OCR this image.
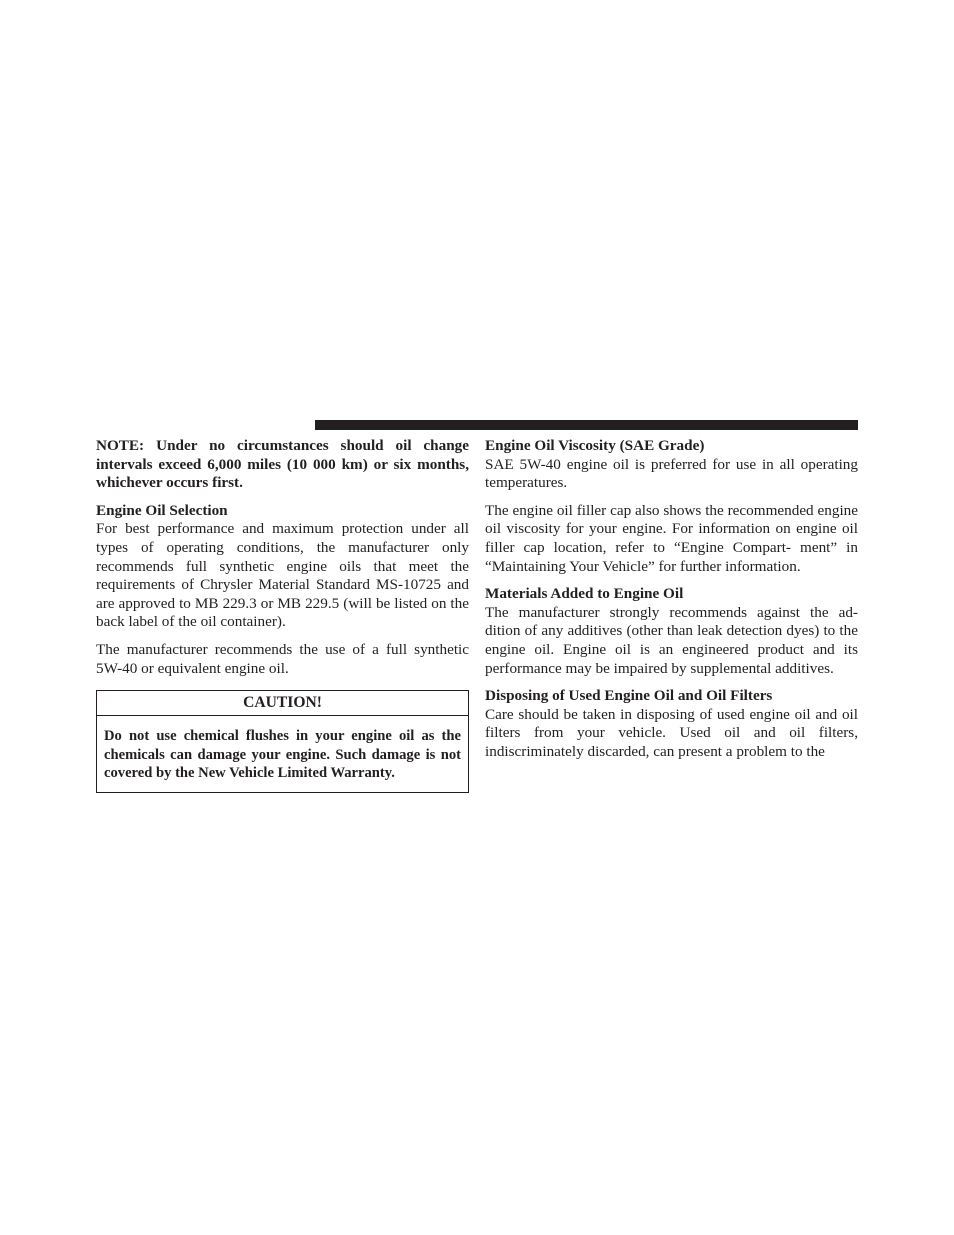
NOTE: Under no circumstances should oil change intervals exceed 6,000 miles (10 000 km) or six months, whichever occurs first.

Engine Oil Selection

For best performance and maximum protection under all types of operating conditions, the manufacturer only recommends full synthetic engine oils that meet the requirements of Chrysler Material Standard MS-10725 and are approved to MB 229.3 or MB 229.5 (will be listed on the back label of the oil container).

The manufacturer recommends the use of a full synthetic 5W-40 or equivalent engine oil.

CAUTION!
Do not use chemical flushes in your engine oil as the chemicals can damage your engine. Such damage is not covered by the New Vehicle Limited Warranty.
Engine Oil Viscosity (SAE Grade)

SAE 5W-40 engine oil is preferred for use in all operating temperatures.

The engine oil filler cap also shows the recommended engine oil viscosity for your engine. For information on engine oil filler cap location, refer to “Engine Compart- ment” in “Maintaining Your Vehicle” for further information.

Materials Added to Engine Oil

The manufacturer strongly recommends against the ad- dition of any additives (other than leak detection dyes) to the engine oil. Engine oil is an engineered product and its performance may be impaired by supplemental additives.

Disposing of Used Engine Oil and Oil Filters

Care should be taken in disposing of used engine oil and oil filters from your vehicle. Used oil and oil filters, indiscriminately discarded, can present a problem to the
